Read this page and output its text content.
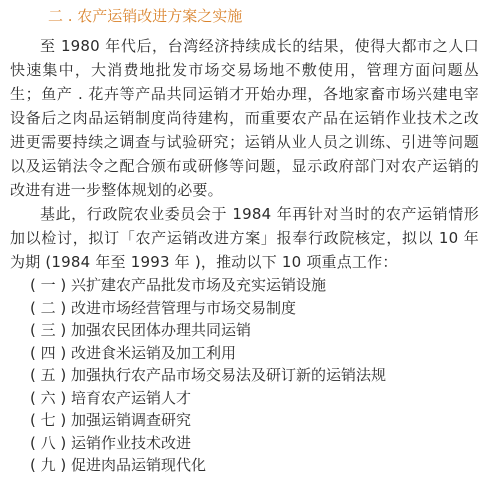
二 . 农产运销改进方案之实施

至 1980 年代后，台湾经济持续成长的结果，使得大都市之人口快速集中，大消费地批发市场交易场地不敷使用，管理方面问题丛生；鱼产 . 花卉等产品共同运销才开始办理，各地家畜市场兴建电宰设备后之肉品运销制度尚待建构，而重要农产品在运销作业技术之改进更需要持续之调查与试验研究；运销从业人员之训练、引进等问题以及运销法令之配合颁布或研修等问题，显示政府部门对农产运销的改进有进一步整体规划的必要。

基此，行政院农业委员会于 1984 年再针对当时的农产运销情形加以检讨，拟订「农产运销改进方案」报奉行政院核定，拟以 10 年为期 (1984 年至 1993 年 )，推动以下 10 项重点工作：

( 一 ) 兴扩建农产品批发市场及充实运销设施
( 二 ) 改进市场经营管理与市场交易制度
( 三 ) 加强农民团体办理共同运销
( 四 ) 改进食米运销及加工利用
( 五 ) 加强执行农产品市场交易法及研订新的运销法规
( 六 ) 培育农产运销人才
( 七 ) 加强运销调查研究
( 八 ) 运销作业技术改进
( 九 ) 促进肉品运销现代化
